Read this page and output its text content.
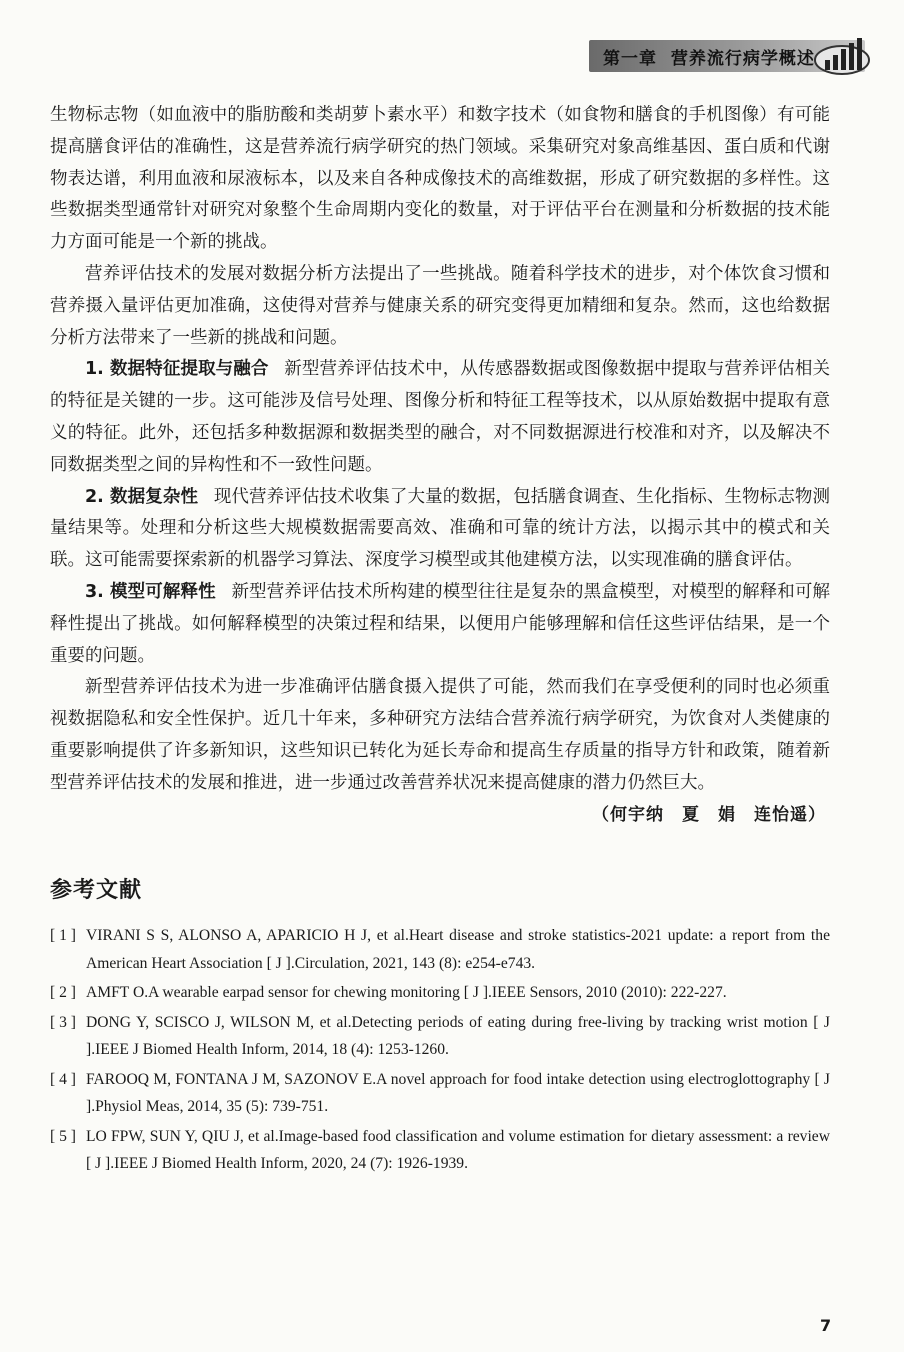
第一章 营养流行病学概述

生物标志物（如血液中的脂肪酸和类胡萝卜素水平）和数字技术（如食物和膳食的手机图像）有可能提高膳食评估的准确性，这是营养流行病学研究的热门领域。采集研究对象高维基因、蛋白质和代谢物表达谱，利用血液和尿液标本，以及来自各种成像技术的高维数据，形成了研究数据的多样性。这些数据类型通常针对研究对象整个生命周期内变化的数量，对于评估平台在测量和分析数据的技术能力方面可能是一个新的挑战。

营养评估技术的发展对数据分析方法提出了一些挑战。随着科学技术的进步，对个体饮食习惯和营养摄入量评估更加准确，这使得对营养与健康关系的研究变得更加精细和复杂。然而，这也给数据分析方法带来了一些新的挑战和问题。

1. 数据特征提取与融合 新型营养评估技术中，从传感器数据或图像数据中提取与营养评估相关的特征是关键的一步。这可能涉及信号处理、图像分析和特征工程等技术，以从原始数据中提取有意义的特征。此外，还包括多种数据源和数据类型的融合，对不同数据源进行校准和对齐，以及解决不同数据类型之间的异构性和不一致性问题。

2. 数据复杂性 现代营养评估技术收集了大量的数据，包括膳食调查、生化指标、生物标志物测量结果等。处理和分析这些大规模数据需要高效、准确和可靠的统计方法，以揭示其中的模式和关联。这可能需要探索新的机器学习算法、深度学习模型或其他建模方法，以实现准确的膳食评估。

3. 模型可解释性 新型营养评估技术所构建的模型往往是复杂的黑盒模型，对模型的解释和可解释性提出了挑战。如何解释模型的决策过程和结果，以便用户能够理解和信任这些评估结果，是一个重要的问题。

新型营养评估技术为进一步准确评估膳食摄入提供了可能，然而我们在享受便利的同时也必须重视数据隐私和安全性保护。近几十年来，多种研究方法结合营养流行病学研究，为饮食对人类健康的重要影响提供了许多新知识，这些知识已转化为延长寿命和提高生存质量的指导方针和政策，随着新型营养评估技术的发展和推进，进一步通过改善营养状况来提高健康的潜力仍然巨大。

（何宇纳　夏　娟　连怡遥）

参考文献
[ 1 ] VIRANI S S, ALONSO A, APARICIO H J, et al.Heart disease and stroke statistics-2021 update: a report from the American Heart Association [ J ].Circulation, 2021, 143 (8): e254-e743.
[ 2 ] AMFT O.A wearable earpad sensor for chewing monitoring [ J ].IEEE Sensors, 2010 (2010): 222-227.
[ 3 ] DONG Y, SCISCO J, WILSON M, et al.Detecting periods of eating during free-living by tracking wrist motion [ J ].IEEE J Biomed Health Inform, 2014, 18 (4): 1253-1260.
[ 4 ] FAROOQ M, FONTANA J M, SAZONOV E.A novel approach for food intake detection using electroglottography [ J ].Physiol Meas, 2014, 35 (5): 739-751.
[ 5 ] LO FPW, SUN Y, QIU J, et al.Image-based food classification and volume estimation for dietary assessment: a review [ J ].IEEE J Biomed Health Inform, 2020, 24 (7): 1926-1939.
7
